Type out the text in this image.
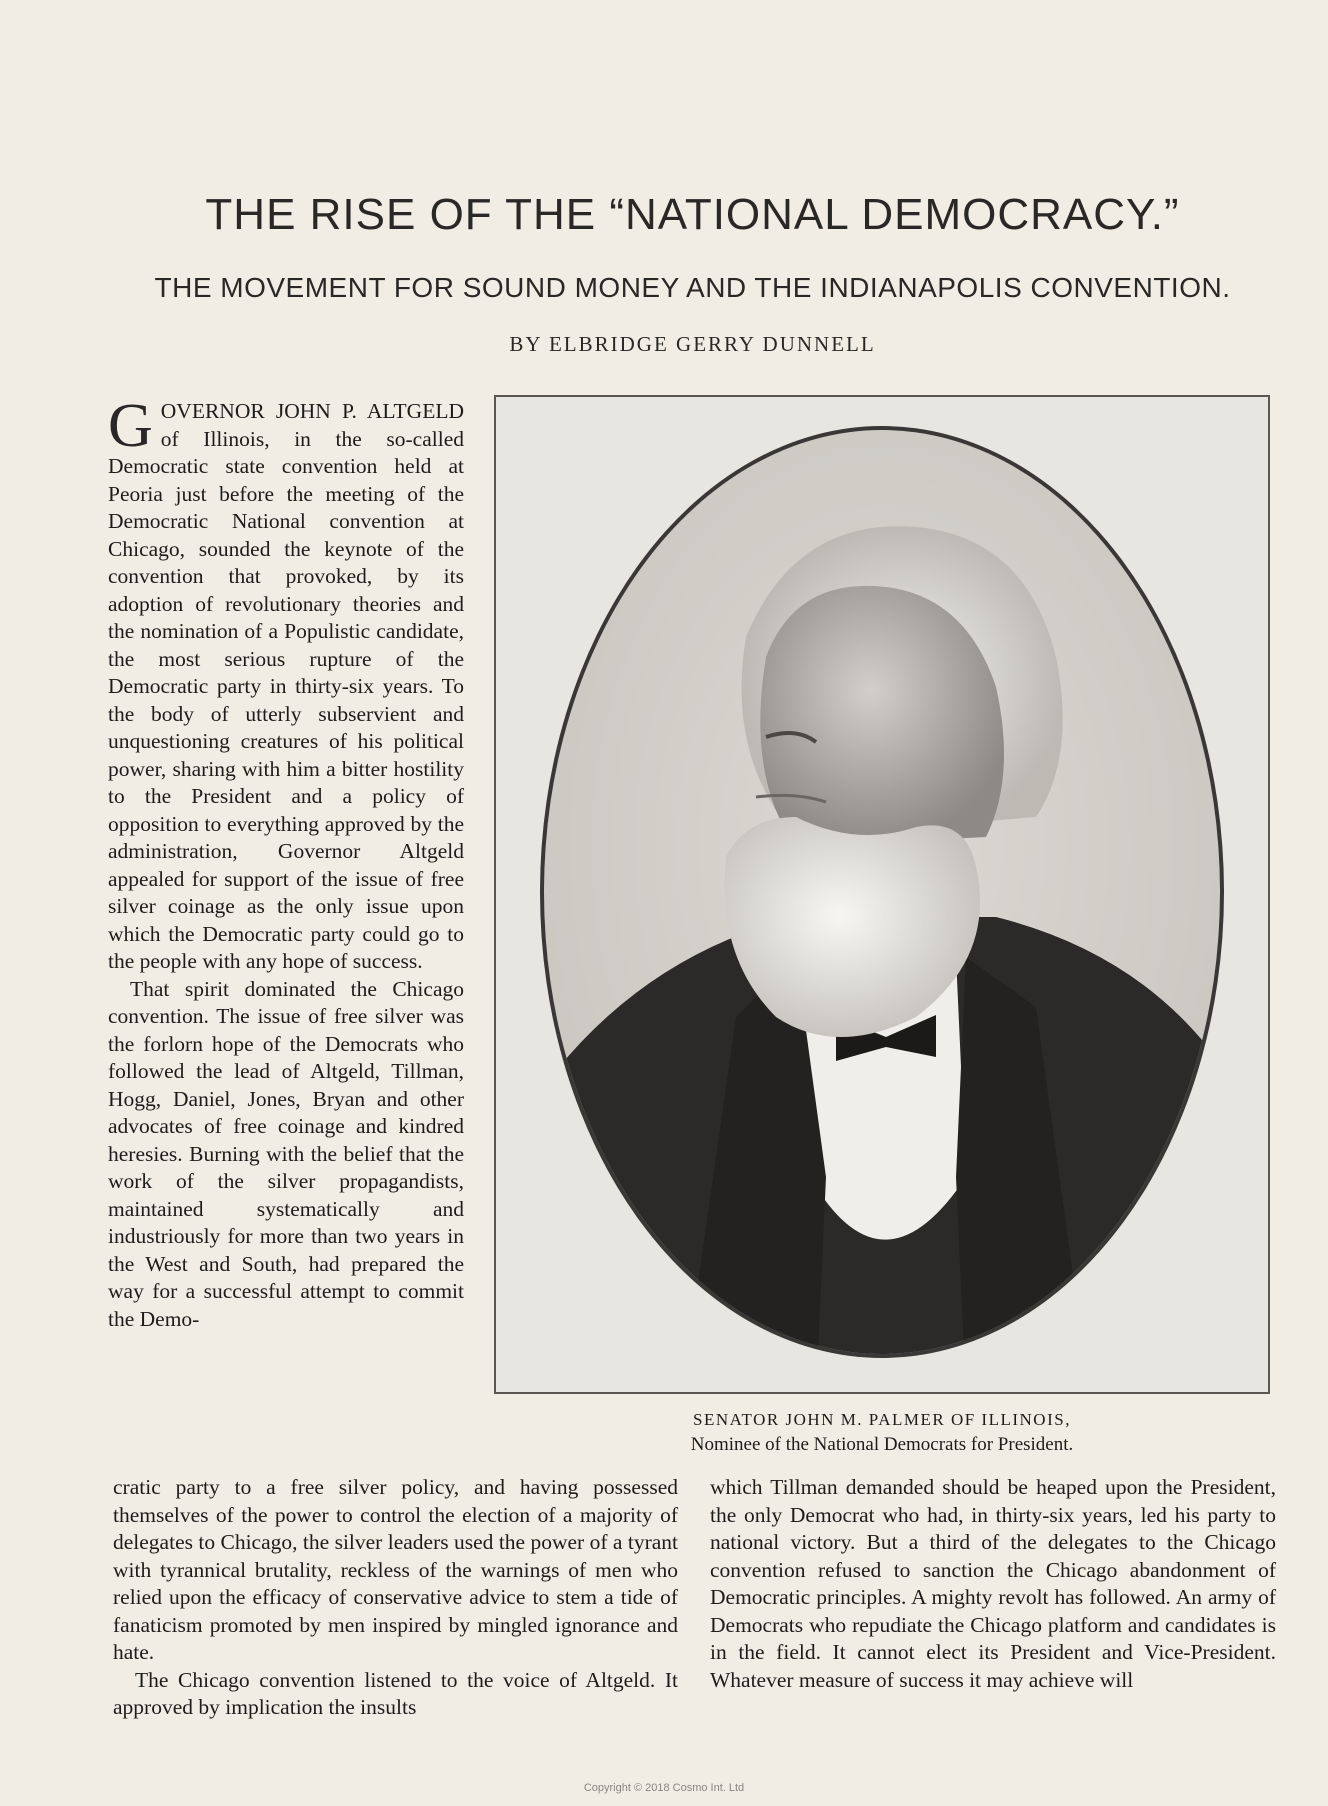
THE RISE OF THE “NATIONAL DEMOCRACY.”
THE MOVEMENT FOR SOUND MONEY AND THE INDIANAPOLIS CONVENTION.
BY ELBRIDGE GERRY DUNNELL

GOVERNOR JOHN P. ALTGELD of Illinois, in the so-called Democratic state convention held at Peoria just before the meeting of the Democratic National convention at Chicago, sounded the keynote of the convention that provoked, by its adoption of revolutionary theories and the nomination of a Populistic candidate, the most serious rupture of the Democratic party in thirty-six years. To the body of utterly subservient and unquestioning creatures of his political power, sharing with him a bitter hostility to the President and a policy of opposition to everything approved by the administration, Governor Altgeld appealed for support of the issue of free silver coinage as the only issue upon which the Democratic party could go to the people with any hope of success.

That spirit dominated the Chicago convention. The issue of free silver was the forlorn hope of the Democrats who followed the lead of Altgeld, Tillman, Hogg, Daniel, Jones, Bryan and other advocates of free coinage and kindred heresies. Burning with the belief that the work of the silver propagandists, maintained systematically and industriously for more than two years in the West and South, had prepared the way for a successful attempt to commit the Demo-

SENATOR JOHN M. PALMER OF ILLINOIS,
Nominee of the National Democrats for President.

cratic party to a free silver policy, and having possessed themselves of the power to control the election of a majority of delegates to Chicago, the silver leaders used the power of a tyrant with tyrannical brutality, reckless of the warnings of men who relied upon the efficacy of conservative advice to stem a tide of fanaticism promoted by men inspired by mingled ignorance and hate.

The Chicago convention listened to the voice of Altgeld. It approved by implication the insults

which Tillman demanded should be heaped upon the President, the only Democrat who had, in thirty-six years, led his party to national victory. But a third of the delegates to the Chicago convention refused to sanction the Chicago abandonment of Democratic principles. A mighty revolt has followed. An army of Democrats who repudiate the Chicago platform and candidates is in the field. It cannot elect its President and Vice-President. Whatever measure of success it may achieve will

Copyright © 2018 Cosmo Int. Ltd
